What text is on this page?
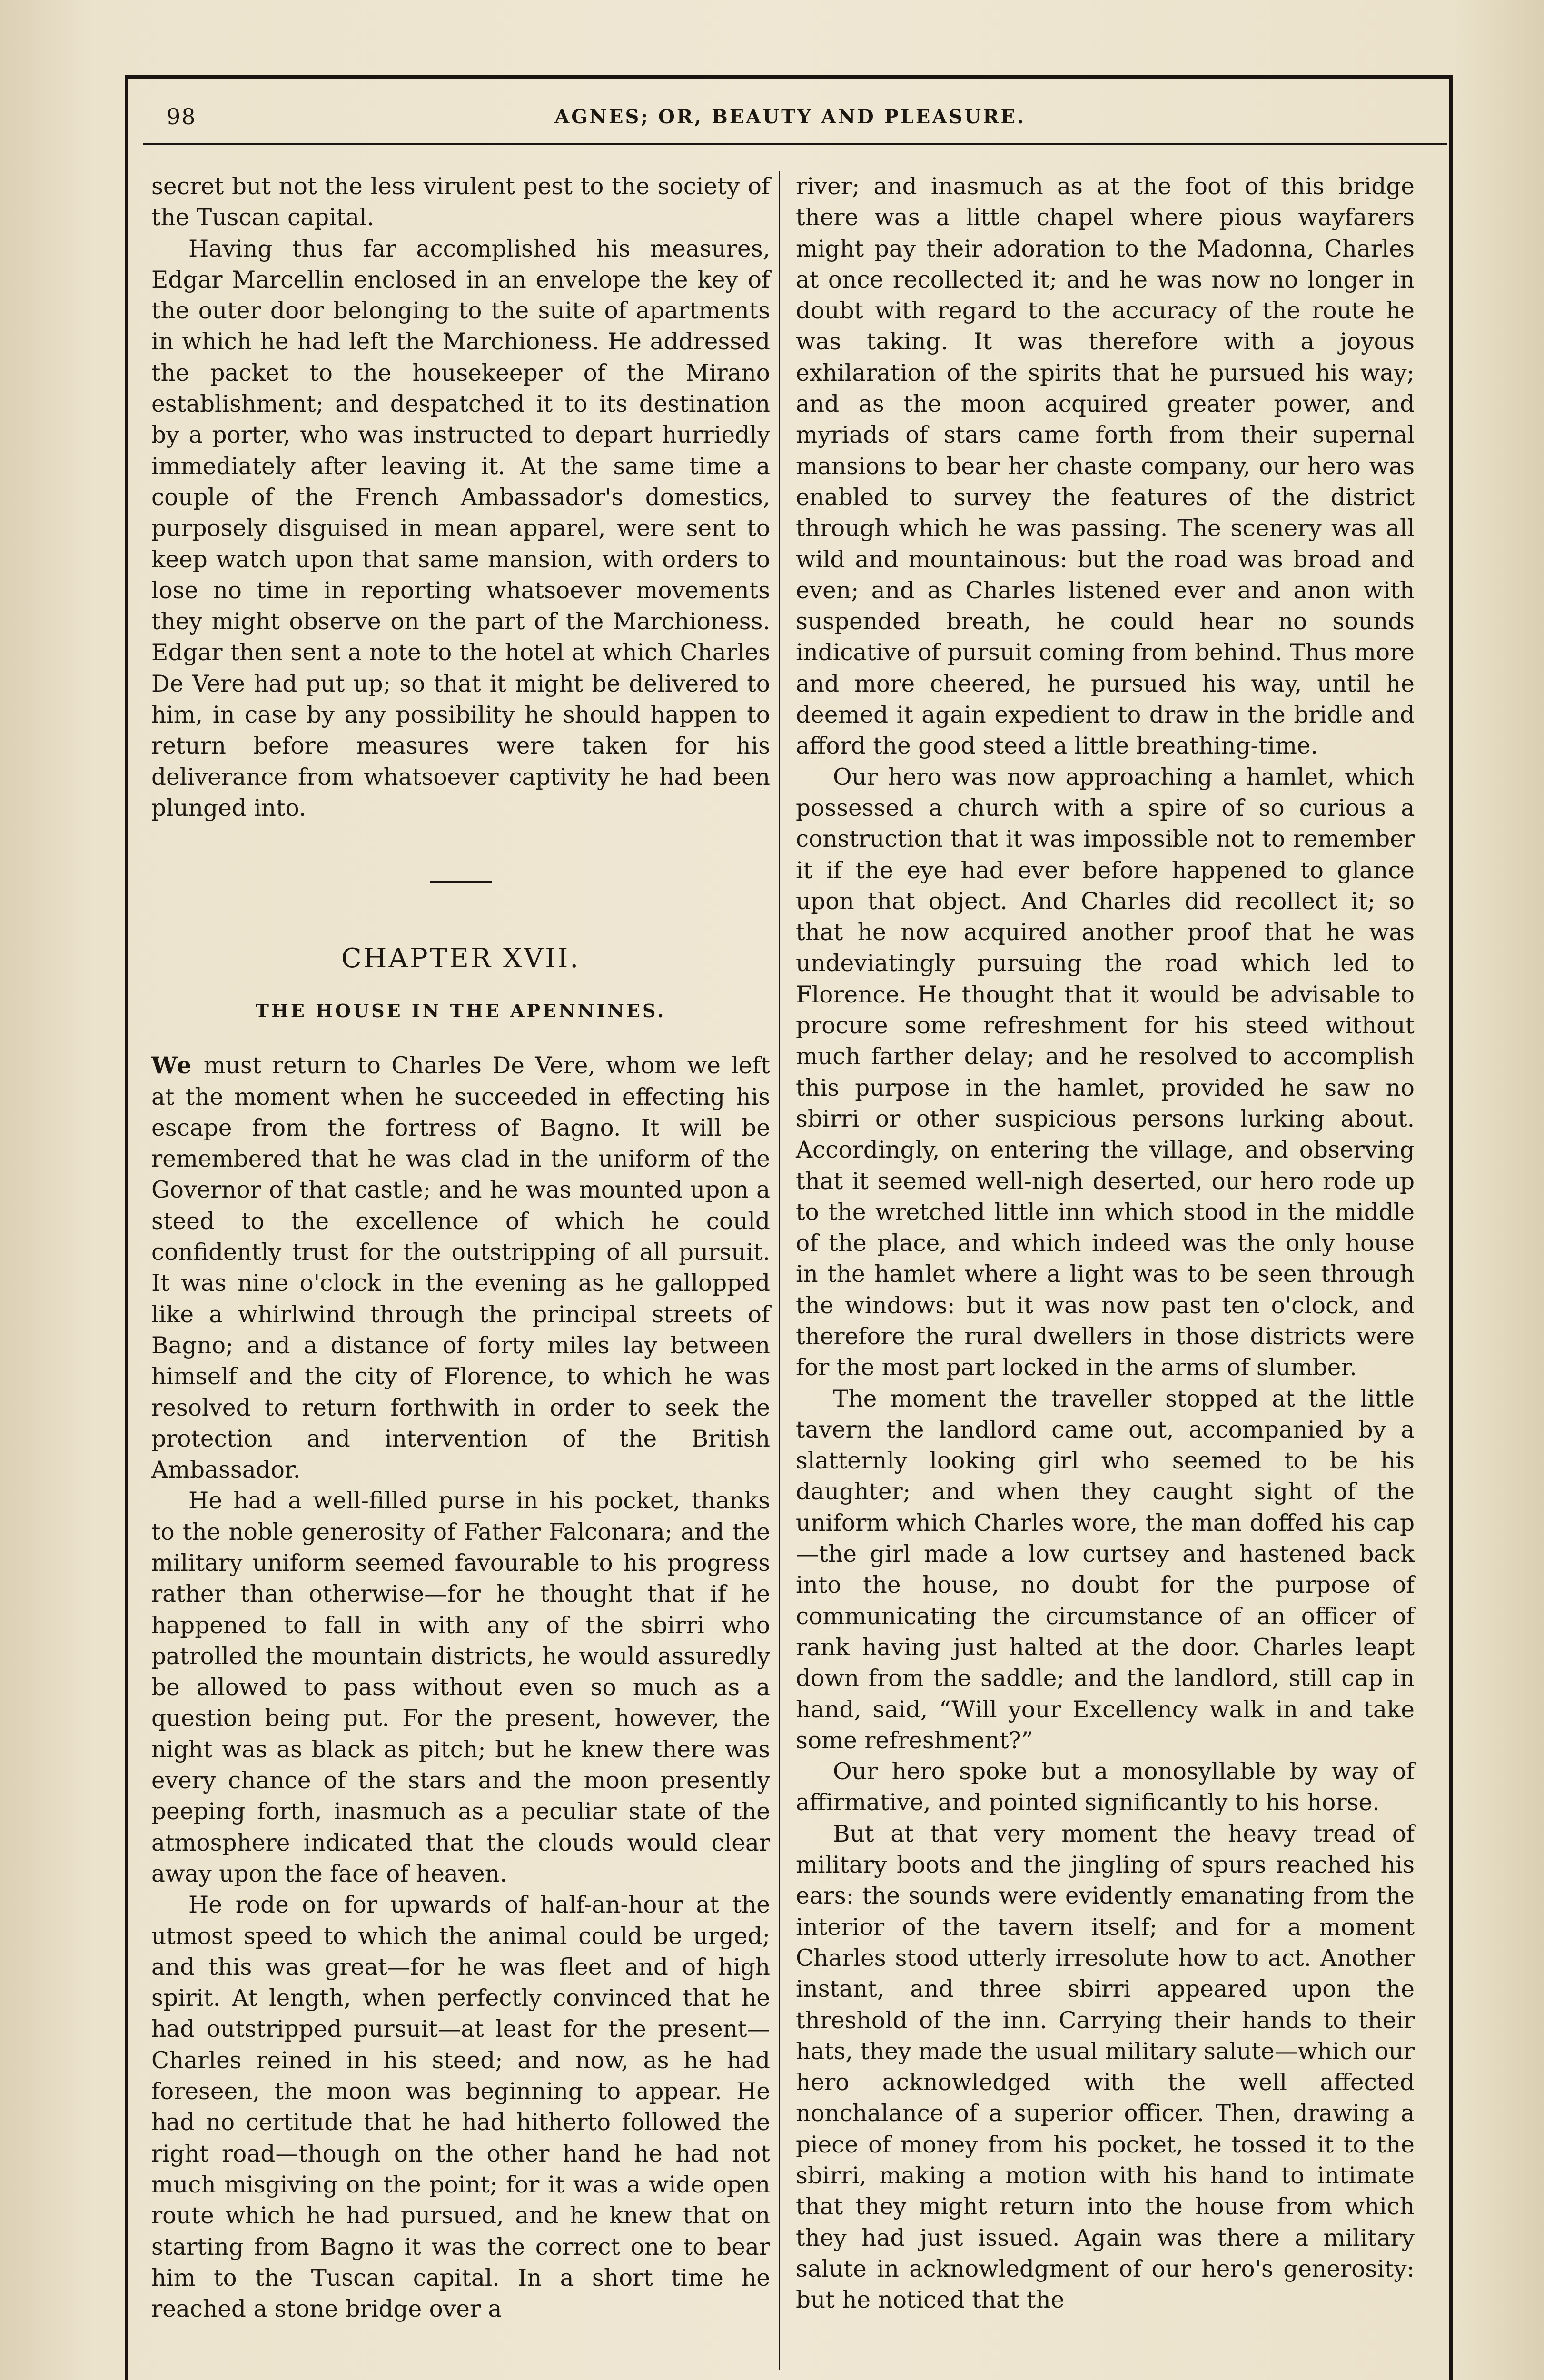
98	AGNES; OR, BEAUTY AND PLEASURE.

secret but not the less virulent pest to the society of the Tuscan capital.

Having thus far accomplished his measures, Edgar Marcellin enclosed in an envelope the key of the outer door belonging to the suite of apartments in which he had left the Marchioness. He addressed the packet to the housekeeper of the Mirano establishment; and despatched it to its destination by a porter, who was instructed to depart hurriedly immediately after leaving it. At the same time a couple of the French Ambassador's domestics, purposely disguised in mean apparel, were sent to keep watch upon that same mansion, with orders to lose no time in reporting whatsoever movements they might observe on the part of the Marchioness. Edgar then sent a note to the hotel at which Charles De Vere had put up; so that it might be delivered to him, in case by any possibility he should happen to return before measures were taken for his deliverance from whatsoever captivity he had been plunged into.

CHAPTER XVII.
THE HOUSE IN THE APENNINES.

We must return to Charles De Vere, whom we left at the moment when he succeeded in effecting his escape from the fortress of Bagno. It will be remembered that he was clad in the uniform of the Governor of that castle; and he was mounted upon a steed to the excellence of which he could confidently trust for the outstripping of all pursuit. It was nine o'clock in the evening as he gallopped like a whirlwind through the principal streets of Bagno; and a distance of forty miles lay between himself and the city of Florence, to which he was resolved to return forthwith in order to seek the protection and intervention of the British Ambassador.

He had a well-filled purse in his pocket, thanks to the noble generosity of Father Falconara; and the military uniform seemed favourable to his progress rather than otherwise—for he thought that if he happened to fall in with any of the sbirri who patrolled the mountain districts, he would assuredly be allowed to pass without even so much as a question being put. For the present, however, the night was as black as pitch; but he knew there was every chance of the stars and the moon presently peeping forth, inasmuch as a peculiar state of the atmosphere indicated that the clouds would clear away upon the face of heaven.

He rode on for upwards of half-an-hour at the utmost speed to which the animal could be urged; and this was great—for he was fleet and of high spirit. At length, when perfectly convinced that he had outstripped pursuit—at least for the present—Charles reined in his steed; and now, as he had foreseen, the moon was beginning to appear. He had no certitude that he had hitherto followed the right road—though on the other hand he had not much misgiving on the point; for it was a wide open route which he had pursued, and he knew that on starting from Bagno it was the correct one to bear him to the Tuscan capital. In a short time he reached a stone bridge over a

river; and inasmuch as at the foot of this bridge there was a little chapel where pious wayfarers might pay their adoration to the Madonna, Charles at once recollected it; and he was now no longer in doubt with regard to the accuracy of the route he was taking. It was therefore with a joyous exhilaration of the spirits that he pursued his way; and as the moon acquired greater power, and myriads of stars came forth from their supernal mansions to bear her chaste company, our hero was enabled to survey the features of the district through which he was passing. The scenery was all wild and mountainous: but the road was broad and even; and as Charles listened ever and anon with suspended breath, he could hear no sounds indicative of pursuit coming from behind. Thus more and more cheered, he pursued his way, until he deemed it again expedient to draw in the bridle and afford the good steed a little breathing-time.

Our hero was now approaching a hamlet, which possessed a church with a spire of so curious a construction that it was impossible not to remember it if the eye had ever before happened to glance upon that object. And Charles did recollect it; so that he now acquired another proof that he was undeviatingly pursuing the road which led to Florence. He thought that it would be advisable to procure some refreshment for his steed without much farther delay; and he resolved to accomplish this purpose in the hamlet, provided he saw no sbirri or other suspicious persons lurking about. Accordingly, on entering the village, and observing that it seemed well-nigh deserted, our hero rode up to the wretched little inn which stood in the middle of the place, and which indeed was the only house in the hamlet where a light was to be seen through the windows: but it was now past ten o'clock, and therefore the rural dwellers in those districts were for the most part locked in the arms of slumber.

The moment the traveller stopped at the little tavern the landlord came out, accompanied by a slatternly looking girl who seemed to be his daughter; and when they caught sight of the uniform which Charles wore, the man doffed his cap—the girl made a low curtsey and hastened back into the house, no doubt for the purpose of communicating the circumstance of an officer of rank having just halted at the door. Charles leapt down from the saddle; and the landlord, still cap in hand, said, “Will your Excellency walk in and take some refreshment?”

Our hero spoke but a monosyllable by way of affirmative, and pointed significantly to his horse.

But at that very moment the heavy tread of military boots and the jingling of spurs reached his ears: the sounds were evidently emanating from the interior of the tavern itself; and for a moment Charles stood utterly irresolute how to act. Another instant, and three sbirri appeared upon the threshold of the inn. Carrying their hands to their hats, they made the usual military salute—which our hero acknowledged with the well affected nonchalance of a superior officer. Then, drawing a piece of money from his pocket, he tossed it to the sbirri, making a motion with his hand to intimate that they might return into the house from which they had just issued. Again was there a military salute in acknowledgment of our hero's generosity: but he noticed that the
